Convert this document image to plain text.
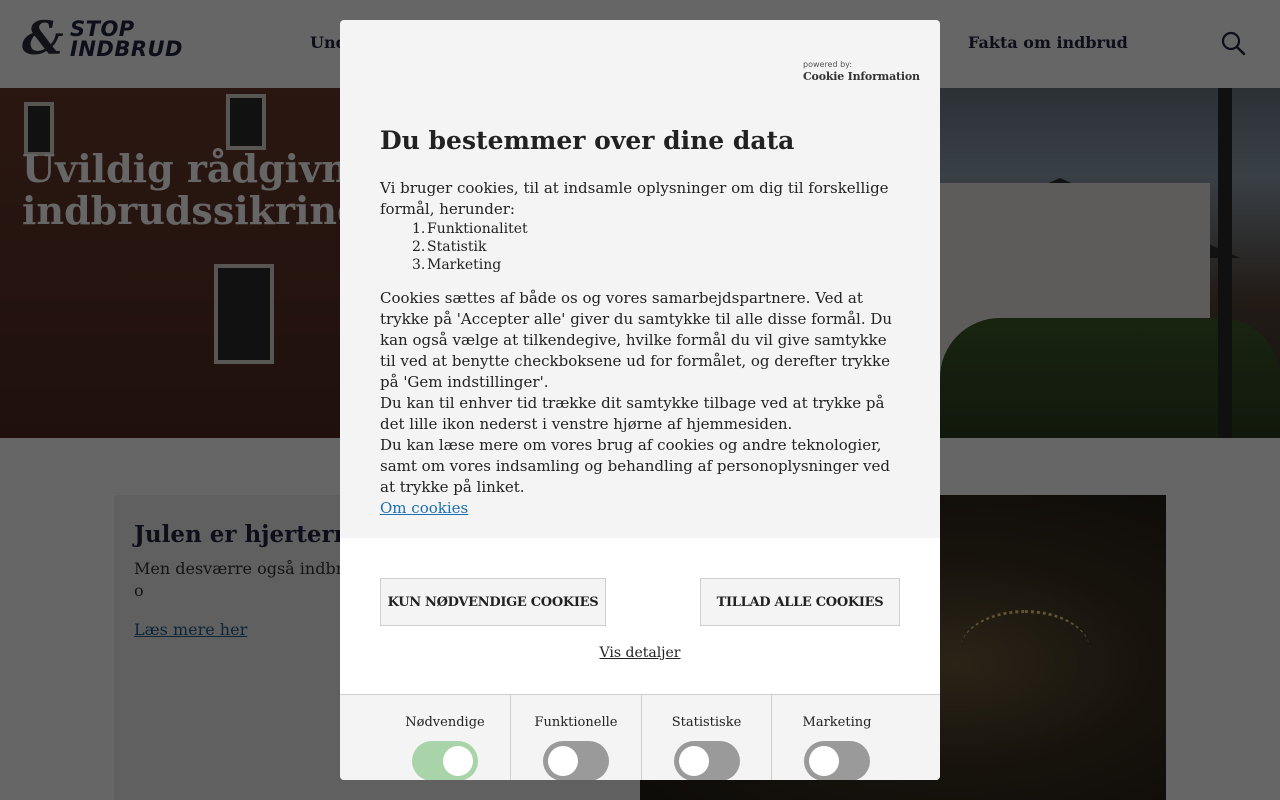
powered by:
Cookie Information
Du bestemmer over dine data

Vi bruger cookies, til at indsamle oplysninger om dig til forskellige formål, herunder:

1. Funktionalitet
2. Statistik
3. Marketing

Cookies sættes af både os og vores samarbejdspartnere. Ved at trykke på 'Accepter alle' giver du samtykke til alle disse formål. Du kan også vælge at tilkendegive, hvilke formål du vil give samtykke til ved at benytte checkboksene ud for formålet, og derefter trykke på 'Gem indstillinger'.

Du kan til enhver tid trække dit samtykke tilbage ved at trykke på det lille ikon nederst i venstre hjørne af hjemmesiden.

Du kan læse mere om vores brug af cookies og andre teknologier, samt om vores indsamling og behandling af personoplysninger ved at trykke på linket.

Om cookies
KUN NØDVENDIGE COOKIES	TILLAD ALLE COOKIES
Vis detaljer
Nødvendige	Funktionelle	Statistiske	Marketing
